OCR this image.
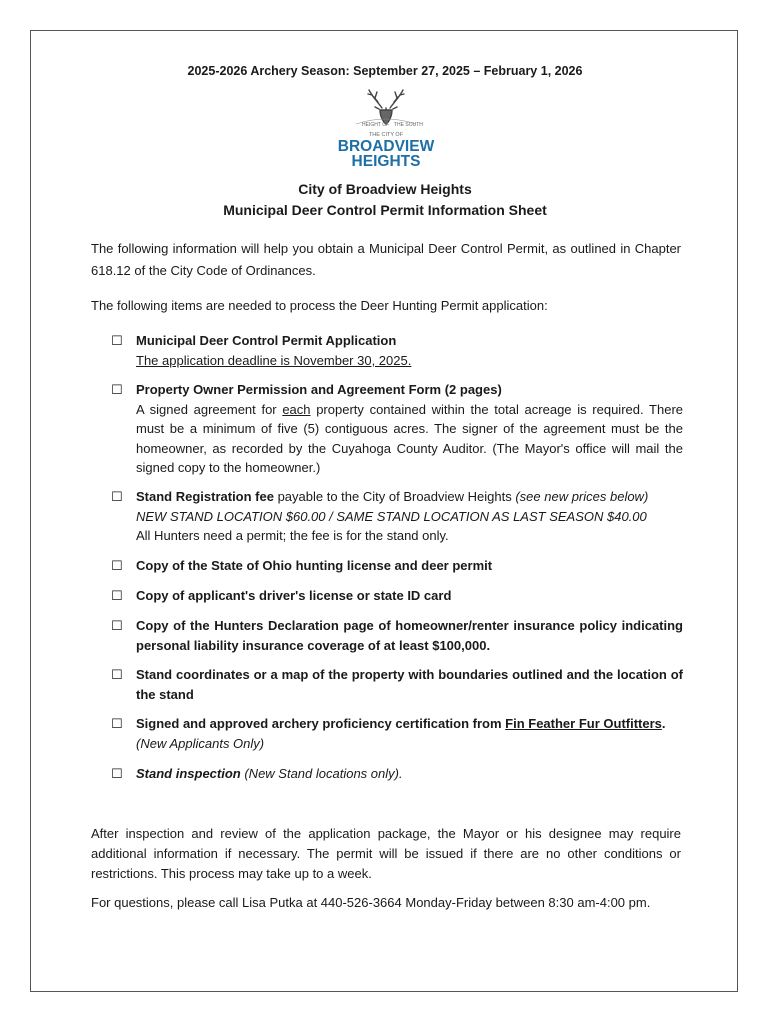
2025-2026 Archery Season: September 27, 2025 – February 1, 2026
HEIGHT OF THE SOUTH
THE CITY OF
BROADVIEW
HEIGHTS
City of Broadview Heights
Municipal Deer Control Permit Information Sheet
The following information will help you obtain a Municipal Deer Control Permit, as outlined in Chapter 618.12 of the City Code of Ordinances.
The following items are needed to process the Deer Hunting Permit application:
☐ Municipal Deer Control Permit Application
The application deadline is November 30, 2025.
☐ Property Owner Permission and Agreement Form (2 pages)
A signed agreement for each property contained within the total acreage is required. There must be a minimum of five (5) contiguous acres. The signer of the agreement must be the homeowner, as recorded by the Cuyahoga County Auditor. (The Mayor's office will mail the signed copy to the homeowner.)
☐ Stand Registration fee payable to the City of Broadview Heights (see new prices below)
NEW STAND LOCATION $60.00 / SAME STAND LOCATION AS LAST SEASON $40.00
All Hunters need a permit; the fee is for the stand only.
☐ Copy of the State of Ohio hunting license and deer permit
☐ Copy of applicant's driver's license or state ID card
☐ Copy of the Hunters Declaration page of homeowner/renter insurance policy indicating personal liability insurance coverage of at least $100,000.
☐ Stand coordinates or a map of the property with boundaries outlined and the location of the stand
☐ Signed and approved archery proficiency certification from Fin Feather Fur Outfitters.
(New Applicants Only)
☐ Stand inspection (New Stand locations only).
After inspection and review of the application package, the Mayor or his designee may require additional information if necessary. The permit will be issued if there are no other conditions or restrictions. This process may take up to a week.
For questions, please call Lisa Putka at 440-526-3664 Monday-Friday between 8:30 am-4:00 pm.
